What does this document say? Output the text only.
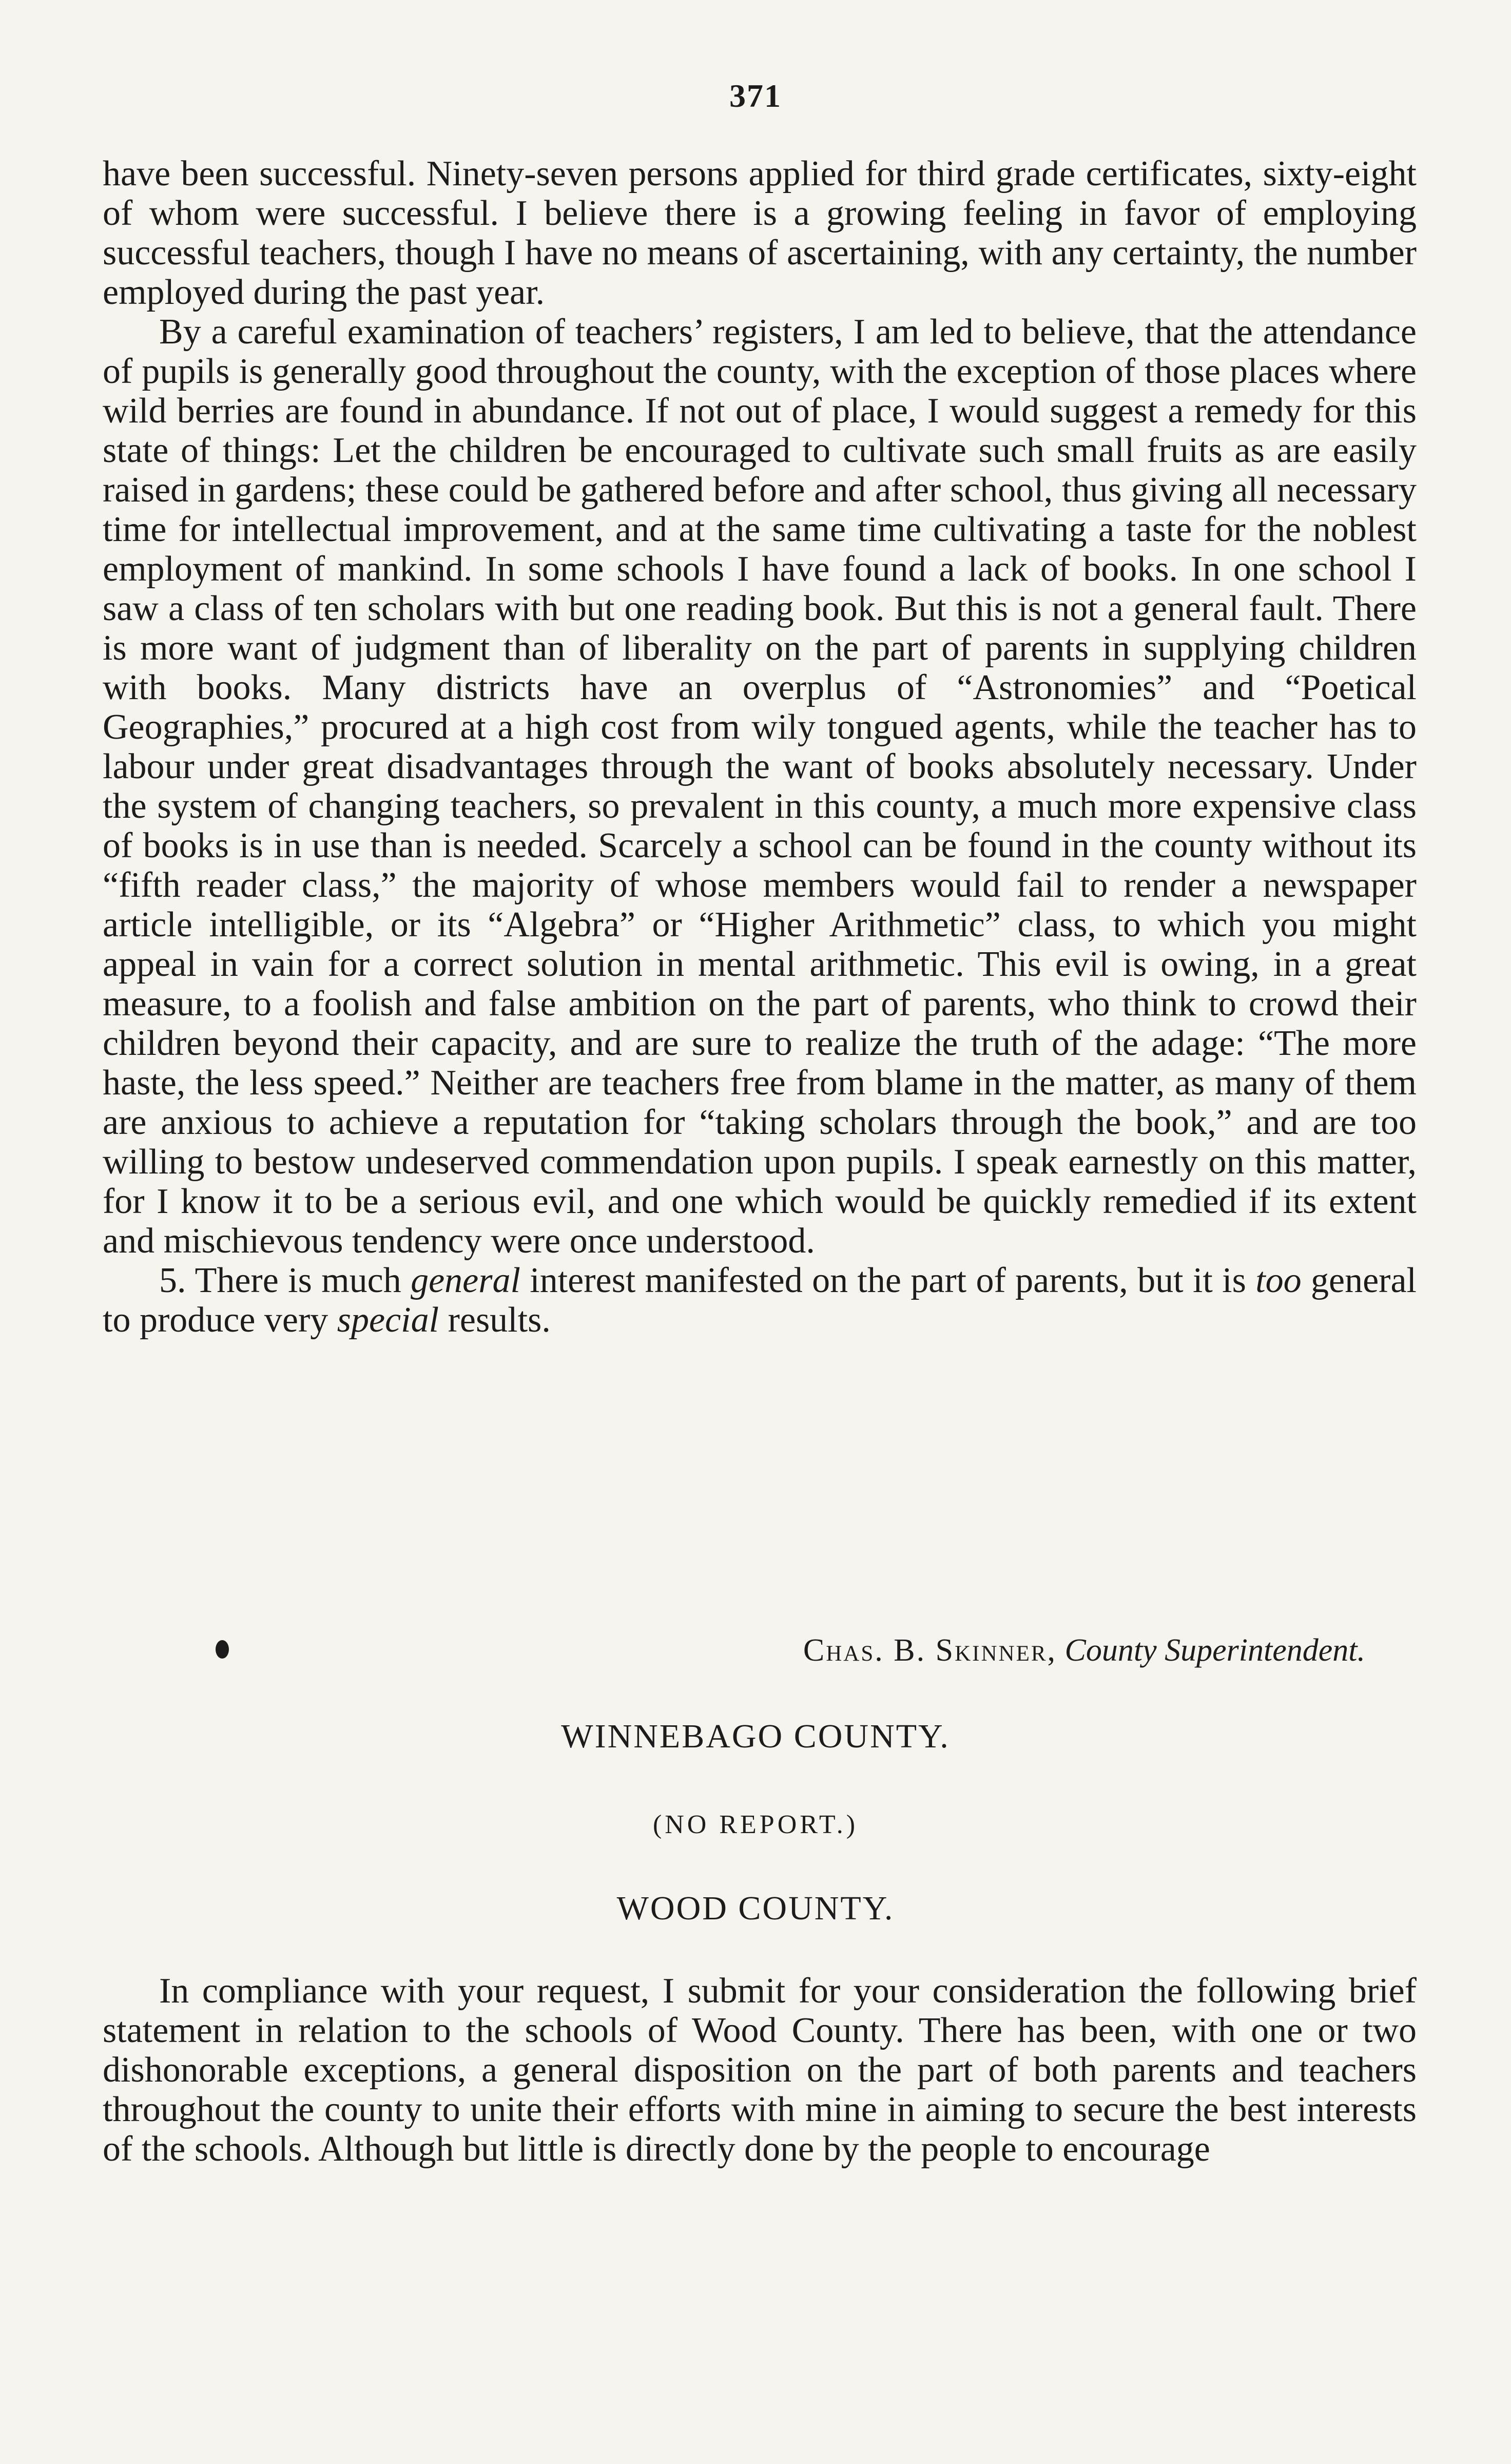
371

have been successful. Ninety-seven persons applied for third grade certificates, sixty-eight of whom were successful. I believe there is a growing feeling in favor of employing successful teachers, though I have no means of ascertaining, with any certainty, the number employed during the past year.

By a careful examination of teachers’ registers, I am led to believe, that the attendance of pupils is generally good throughout the county, with the exception of those places where wild berries are found in abundance. If not out of place, I would suggest a remedy for this state of things: Let the children be encouraged to cultivate such small fruits as are easily raised in gardens; these could be gathered before and after school, thus giving all necessary time for intellectual improvement, and at the same time cultivating a taste for the noblest employment of mankind. In some schools I have found a lack of books. In one school I saw a class of ten scholars with but one reading book. But this is not a general fault. There is more want of judgment than of liberality on the part of parents in supplying children with books. Many districts have an overplus of “Astronomies” and “Poetical Geographies,” procured at a high cost from wily tongued agents, while the teacher has to labour under great disadvantages through the want of books absolutely necessary. Under the system of changing teachers, so prevalent in this county, a much more expensive class of books is in use than is needed. Scarcely a school can be found in the county without its “fifth reader class,” the majority of whose members would fail to render a newspaper article intelligible, or its “Algebra” or “Higher Arithmetic” class, to which you might appeal in vain for a correct solution in mental arithmetic. This evil is owing, in a great measure, to a foolish and false ambition on the part of parents, who think to crowd their children beyond their capacity, and are sure to realize the truth of the adage: “The more haste, the less speed.” Neither are teachers free from blame in the matter, as many of them are anxious to achieve a reputation for “taking scholars through the book,” and are too willing to bestow undeserved commendation upon pupils. I speak earnestly on this matter, for I know it to be a serious evil, and one which would be quickly remedied if its extent and mischievous tendency were once understood.

5. There is much general interest manifested on the part of parents, but it is too general to produce very special results.

Chas. B. Skinner, County Superintendent.
WINNEBAGO COUNTY.
(NO REPORT.)
WOOD COUNTY.

In compliance with your request, I submit for your consideration the following brief statement in relation to the schools of Wood County. There has been, with one or two dishonorable exceptions, a general disposition on the part of both parents and teachers throughout the county to unite their efforts with mine in aiming to secure the best interests of the schools. Although but little is directly done by the people to encourage
